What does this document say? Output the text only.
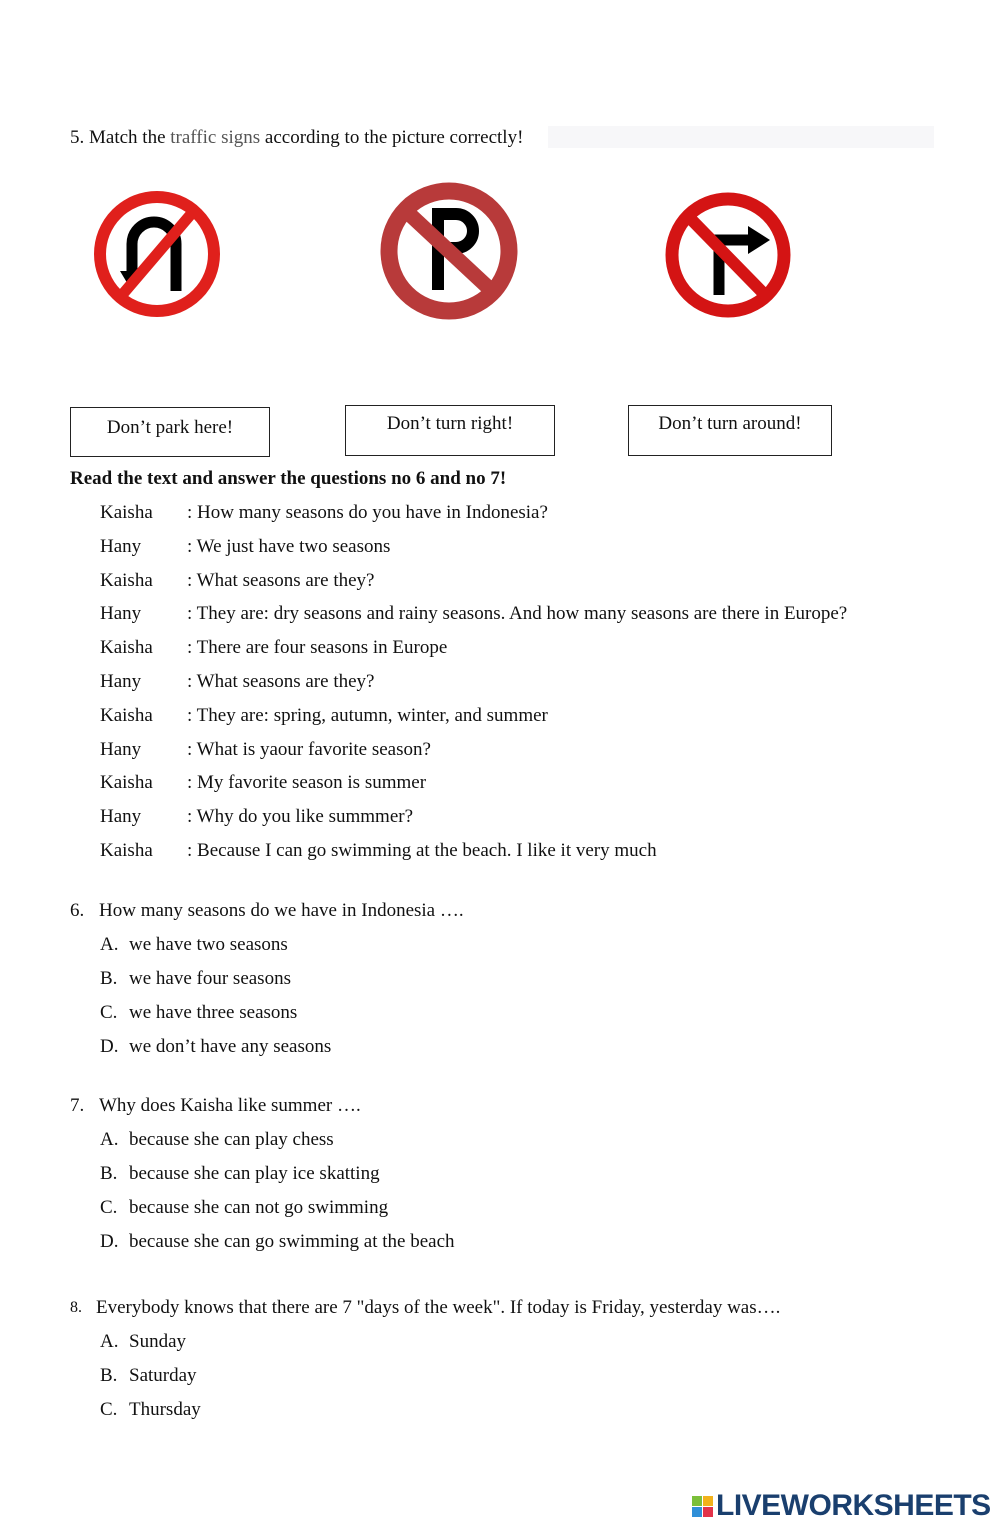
5. Match the traffic signs according to the picture correctly!
Don’t park here!	Don’t turn right!	Don’t turn around!
Read the text and answer the questions no 6 and no 7!
Kaisha : How many seasons do you have in Indonesia?
Hany : We just have two seasons
Kaisha : What seasons are they?
Hany : They are: dry seasons and rainy seasons. And how many seasons are there in Europe?
Kaisha : There are four seasons in Europe
Hany : What seasons are they?
Kaisha : They are: spring, autumn, winter, and summer
Hany : What is yaour favorite season?
Kaisha : My favorite season is summer
Hany : Why do you like summmer?
Kaisha : Because I can go swimming at the beach. I like it very much
6. How many seasons do we have in Indonesia ….
A. we have two seasons
B. we have four seasons
C. we have three seasons
D. we don’t have any seasons
7. Why does Kaisha like summer ….
A. because she can play chess
B. because she can play ice skatting
C. because she can not go swimming
D. because she can go swimming at the beach
8. Everybody knows that there are 7 "days of the week". If today is Friday, yesterday was….
A. Sunday
B. Saturday
C. Thursday
LIVEWORKSHEETS
